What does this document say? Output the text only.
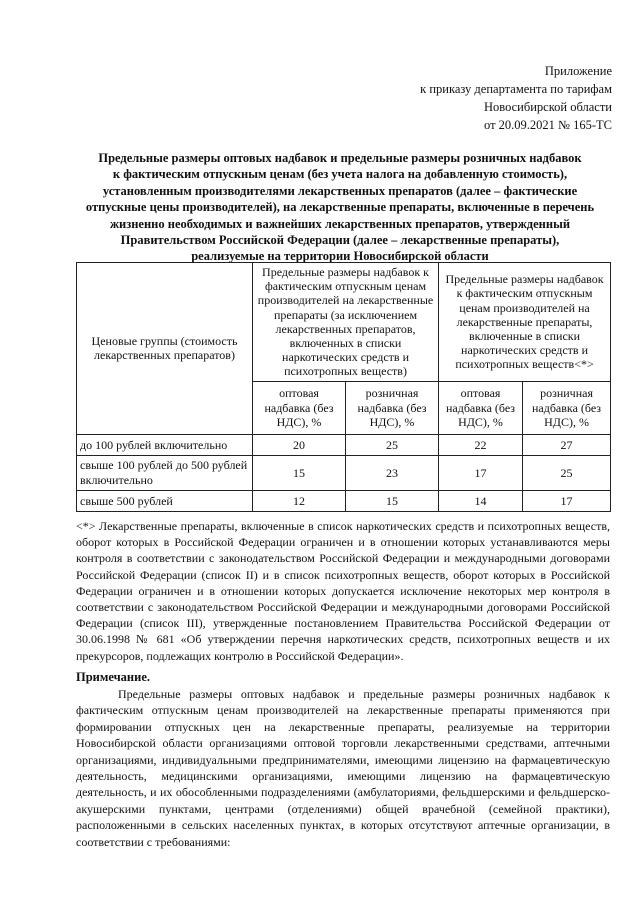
Приложение
к приказу департамента по тарифам
Новосибирской области
от 20.09.2021 № 165-ТС
Предельные размеры оптовых надбавок и предельные размеры розничных надбавок
к фактическим отпускным ценам (без учета налога на добавленную стоимость),
установленным производителями лекарственных препаратов (далее – фактические
отпускные цены производителей), на лекарственные препараты, включенные в перечень
жизненно необходимых и важнейших лекарственных препаратов, утвержденный
Правительством Российской Федерации (далее – лекарственные препараты),
реализуемые на территории Новосибирской области
Ценовые группы (стоимость лекарственных препаратов)	Предельные размеры надбавок к фактическим отпускным ценам производителей на лекарственные препараты (за исключением лекарственных препаратов, включенных в списки наркотических средств и психотропных веществ)		Предельные размеры надбавок к фактическим отпускным ценам производителей на лекарственные препараты, включенные в списки наркотических средств и психотропных веществ<*>	
	оптовая надбавка (без НДС), %	розничная надбавка (без НДС), %	оптовая надбавка (без НДС), %	розничная надбавка (без НДС), %
до 100 рублей включительно	20	25	22	27
свыше 100 рублей до 500 рублей включительно	15	23	17	25
свыше 500 рублей	12	15	14	17
<*> Лекарственные препараты, включенные в список наркотических средств и психотропных веществ, оборот которых в Российской Федерации ограничен и в отношении которых устанавливаются меры контроля в соответствии с законодательством Российской Федерации и международными договорами Российской Федерации (список II) и в список психотропных веществ, оборот которых в Российской Федерации ограничен и в отношении которых допускается исключение некоторых мер контроля в соответствии с законодательством Российской Федерации и международными договорами Российской Федерации (список III), утвержденные постановлением Правительства Российской Федерации от 30.06.1998 № 681 «Об утверждении перечня наркотических средств, психотропных веществ и их прекурсоров, подлежащих контролю в Российской Федерации».
Примечание.
Предельные размеры оптовых надбавок и предельные размеры розничных надбавок к фактическим отпускным ценам производителей на лекарственные препараты применяются при формировании отпускных цен на лекарственные препараты, реализуемые на территории Новосибирской области организациями оптовой торговли лекарственными средствами, аптечными организациями, индивидуальными предпринимателями, имеющими лицензию на фармацевтическую деятельность, медицинскими организациями, имеющими лицензию на фармацевтическую деятельность, и их обособленными подразделениями (амбулаториями, фельдшерскими и фельдшерско-акушерскими пунктами, центрами (отделениями) общей врачебной (семейной практики), расположенными в сельских населенных пунктах, в которых отсутствуют аптечные организации, в соответствии с требованиями:
